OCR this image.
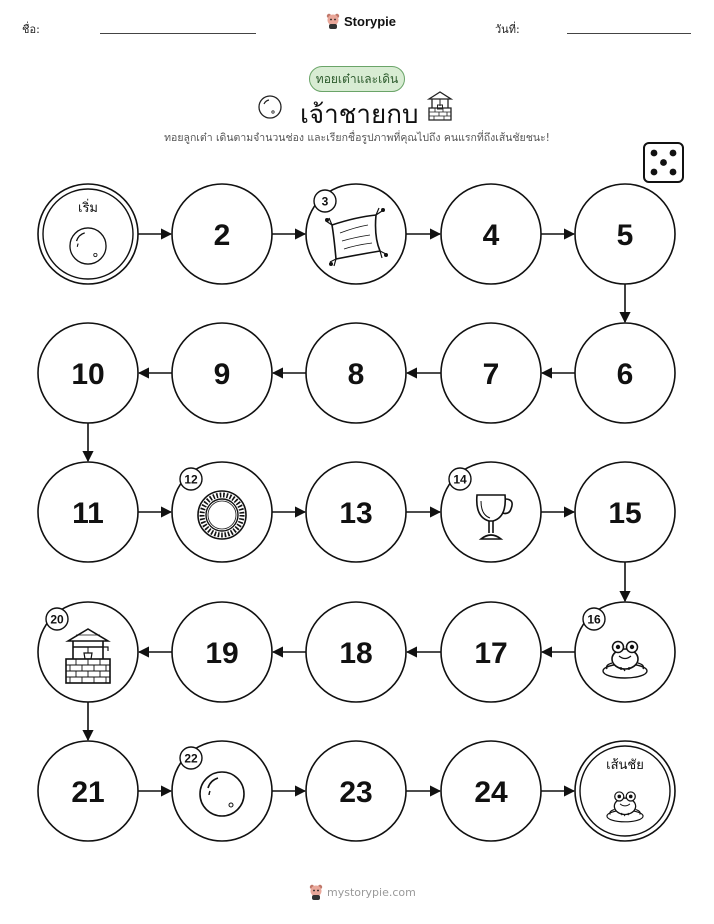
ชื่อ:
Storypie
วันที่:
ทอยเต๋าและเดิน
เจ้าชายกบ
ทอยลูกเต๋า เดินตามจำนวนช่อง และเรียกชื่อรูปภาพที่คุณไปถึง คนแรกที่ถึงเส้นชัยชนะ!
เริ่ม
2
3
4	5
6
7
8
9
10
11
12
13
14
15
16
17
18
19
20
21
22
23	24
เส้นชัย
mystorypie.com
